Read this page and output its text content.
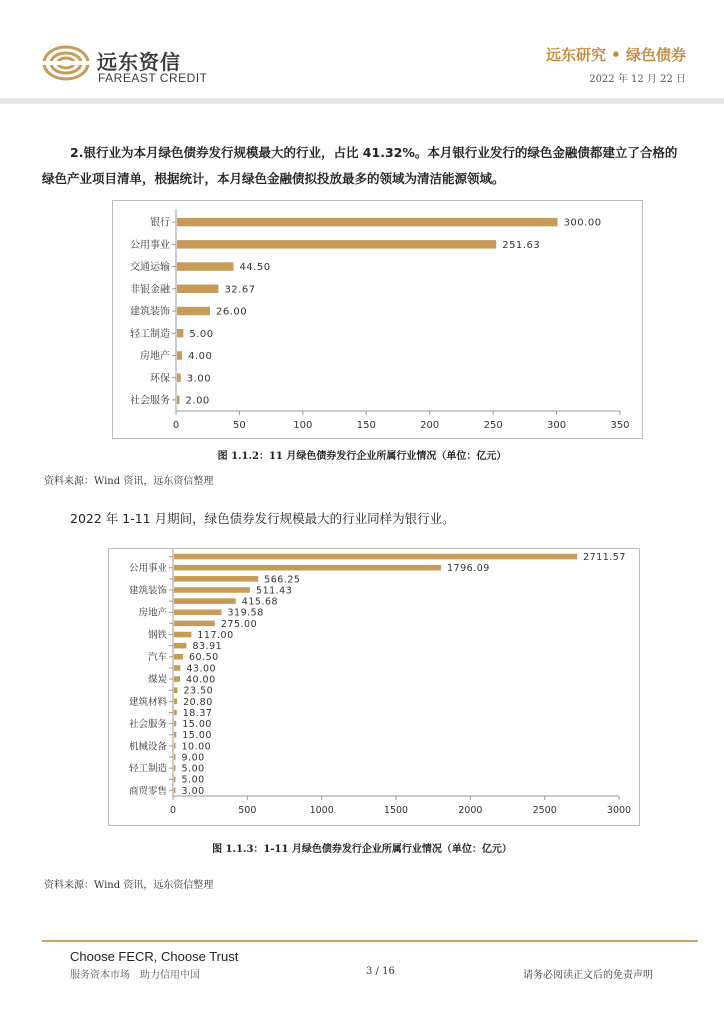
远东资信
FAREAST CREDIT
远东研究 • 绿色债券
2022 年 12 月 22 日
2.银行业为本月绿色债券发行规模最大的行业，占比 41.32%。本月银行业发行的绿色金融债都建立了合格的绿色产业项目清单，根据统计，本月绿色金融债拟投放最多的领域为清洁能源领域。
银行	300.00
公用事业	251.63
交通运输	44.50
非银金融	32.67
建筑装饰	26.00
轻工制造 5.00
房地产 4.00
环保 3.00
社会服务 2.00
0	50	100	150	200	250	300	350
图 1.1.2：11 月绿色债券发行企业所属行业情况（单位：亿元）
资料来源：Wind 资讯，远东资信整理
2022 年 1-11 月期间，绿色债券发行规模最大的行业同样为银行业。
2711.57
公用事业	1796.09
566.25
建筑装饰	511.43
415.68
房地产	319.58
275.00
钢铁	117.00
83.91
汽车 60.50
43.00
煤炭 40.00
23.50
建筑材料 20.80
18.37
社会服务 15.00
15.00
机械设备 10.00
9.00
轻工制造 5.00
5.00
商贸零售 3.00
0	500	1000	1500	2000	2500	3000
图 1.1.3：1-11 月绿色债券发行企业所属行业情况（单位：亿元）
资料来源：Wind 资讯，远东资信整理
Choose FECR, Choose Trust
服务资本市场　助力信用中国	3 / 16	请务必阅读正文后的免责声明
